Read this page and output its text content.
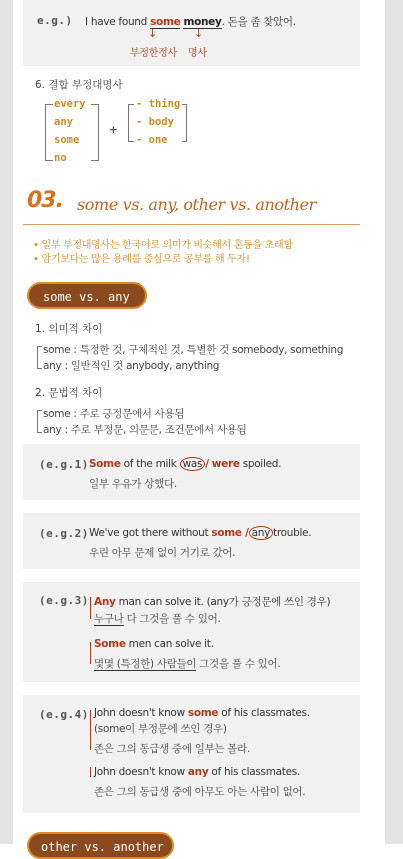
e.g.) I have found some money. 돈을 좀 찾았어.
↓	↓
부정한정사 명사
6. 결합 부정대명사
every
any
some
no
+
- thing
- body
- one
03. some vs. any, other vs. another
• 일부 부정대명사는 한국어로 의미가 비슷해서 혼동을 초래함
• 암기보다는 많은 용례를 중심으로 공부를 해 두자!
some vs. any
1. 의미적 차이
some : 특정한 것, 구체적인 것, 특별한 것 somebody, something
any : 일반적인 것 anybody, anything
2. 문법적 차이
some : 주로 긍정문에서 사용됨
any : 주로 부정문, 의문문, 조건문에서 사용됨
(e.g.1) Some of the milk was / were spoiled.
일부 우유가 상했다.
(e.g.2) We've got there without some / any trouble.
우린 아무 문제 없이 거기로 갔어.
(e.g.3) Any man can solve it. (any가 긍정문에 쓰인 경우)
누구나 다 그것을 풀 수 있어.
Some men can solve it.
몇몇 (특정한) 사람들이 그것을 풀 수 있어.
(e.g.4) John doesn't know some of his classmates.
(some이 부정문에 쓰인 경우)
존은 그의 동급생 중에 일부는 몰라.
John doesn't know any of his classmates.
존은 그의 동급생 중에 아무도 아는 사람이 없어.
other vs. another
